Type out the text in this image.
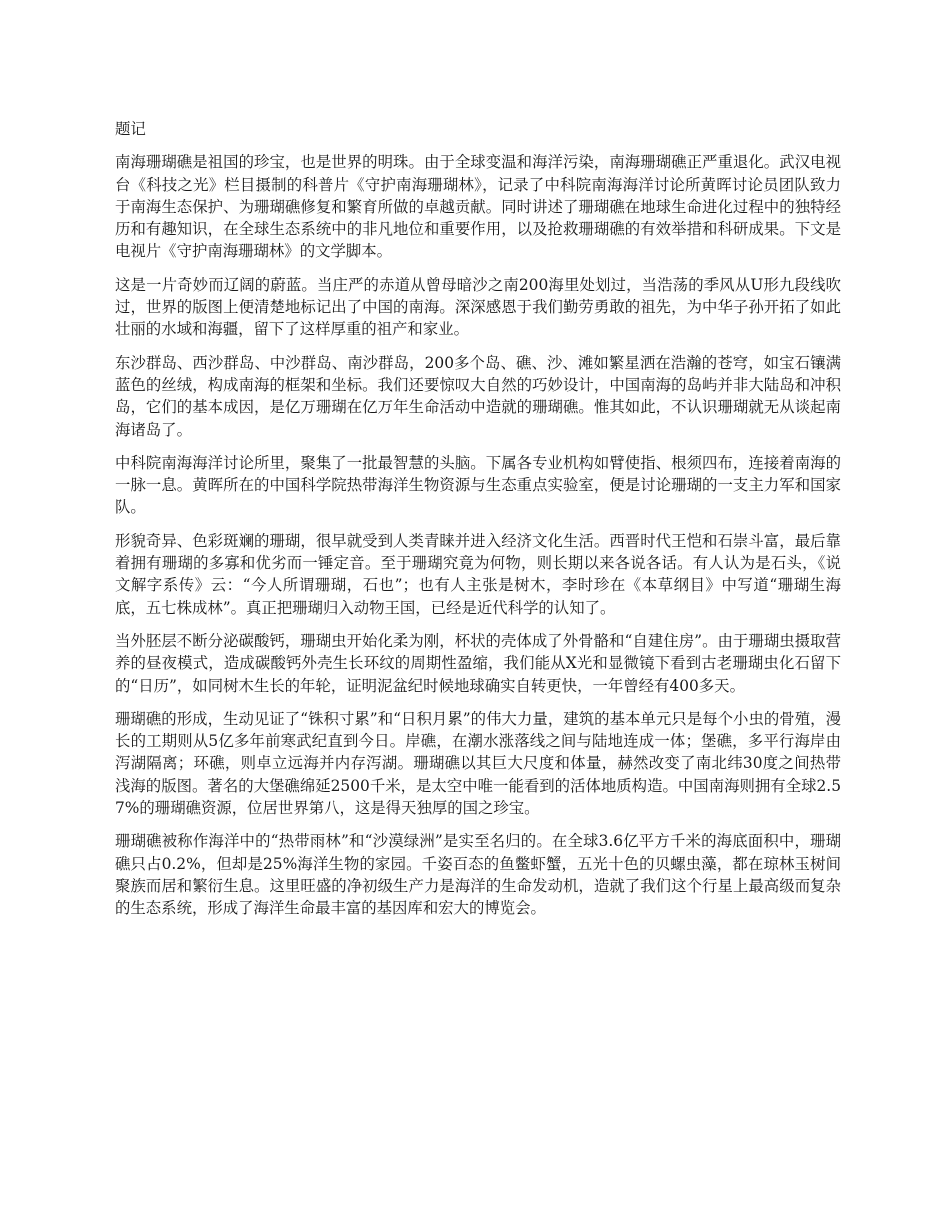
题记

南海珊瑚礁是祖国的珍宝，也是世界的明珠。由于全球变温和海洋污染，南海珊瑚礁正严重退化。武汉电视台《科技之光》栏目摄制的科普片《守护南海珊瑚林》，记录了中科院南海海洋讨论所黄晖讨论员团队致力于南海生态保护、为珊瑚礁修复和繁育所做的卓越贡献。同时讲述了珊瑚礁在地球生命进化过程中的独特经历和有趣知识，在全球生态系统中的非凡地位和重要作用，以及抢救珊瑚礁的有效举措和科研成果。下文是电视片《守护南海珊瑚林》的文学脚本。

这是一片奇妙而辽阔的蔚蓝。当庄严的赤道从曾母暗沙之南200海里处划过，当浩荡的季风从U形九段线吹过，世界的版图上便清楚地标记出了中国的南海。深深感恩于我们勤劳勇敢的祖先，为中华子孙开拓了如此壮丽的水域和海疆，留下了这样厚重的祖产和家业。

东沙群岛、西沙群岛、中沙群岛、南沙群岛，200多个岛、礁、沙、滩如繁星洒在浩瀚的苍穹，如宝石镶满蓝色的丝绒，构成南海的框架和坐标。我们还要惊叹大自然的巧妙设计，中国南海的岛屿并非大陆岛和冲积岛，它们的基本成因，是亿万珊瑚在亿万年生命活动中造就的珊瑚礁。惟其如此，不认识珊瑚就无从谈起南海诸岛了。

中科院南海海洋讨论所里，聚集了一批最智慧的头脑。下属各专业机构如臂使指、根须四布，连接着南海的一脉一息。黄晖所在的中国科学院热带海洋生物资源与生态重点实验室，便是讨论珊瑚的一支主力军和国家队。

形貌奇异、色彩斑斓的珊瑚，很早就受到人类青睐并进入经济文化生活。西晋时代王恺和石崇斗富，最后靠着拥有珊瑚的多寡和优劣而一锤定音。至于珊瑚究竟为何物，则长期以来各说各话。有人认为是石头，《说文解字系传》云：“今人所谓珊瑚，石也”；也有人主张是树木，李时珍在《本草纲目》中写道“珊瑚生海底，五七株成林”。真正把珊瑚归入动物王国，已经是近代科学的认知了。

当外胚层不断分泌碳酸钙，珊瑚虫开始化柔为刚，杯状的壳体成了外骨骼和“自建住房”。由于珊瑚虫摄取营养的昼夜模式，造成碳酸钙外壳生长环纹的周期性盈缩，我们能从X光和显微镜下看到古老珊瑚虫化石留下的“日历”，如同树木生长的年轮，证明泥盆纪时候地球确实自转更快，一年曾经有400多天。

珊瑚礁的形成，生动见证了“铢积寸累”和“日积月累”的伟大力量，建筑的基本单元只是每个小虫的骨殖，漫长的工期则从5亿多年前寒武纪直到今日。岸礁，在潮水涨落线之间与陆地连成一体；堡礁，多平行海岸由泻湖隔离；环礁，则卓立远海并内存泻湖。珊瑚礁以其巨大尺度和体量，赫然改变了南北纬30度之间热带浅海的版图。著名的大堡礁绵延2500千米，是太空中唯一能看到的活体地质构造。中国南海则拥有全球2.57%的珊瑚礁资源，位居世界第八，这是得天独厚的国之珍宝。

珊瑚礁被称作海洋中的“热带雨林”和“沙漠绿洲”是实至名归的。在全球3.6亿平方千米的海底面积中，珊瑚礁只占0.2%，但却是25%海洋生物的家园。千姿百态的鱼鳖虾蟹，五光十色的贝螺虫藻，都在琼林玉树间聚族而居和繁衍生息。这里旺盛的净初级生产力是海洋的生命发动机，造就了我们这个行星上最高级而复杂的生态系统，形成了海洋生命最丰富的基因库和宏大的博览会。
